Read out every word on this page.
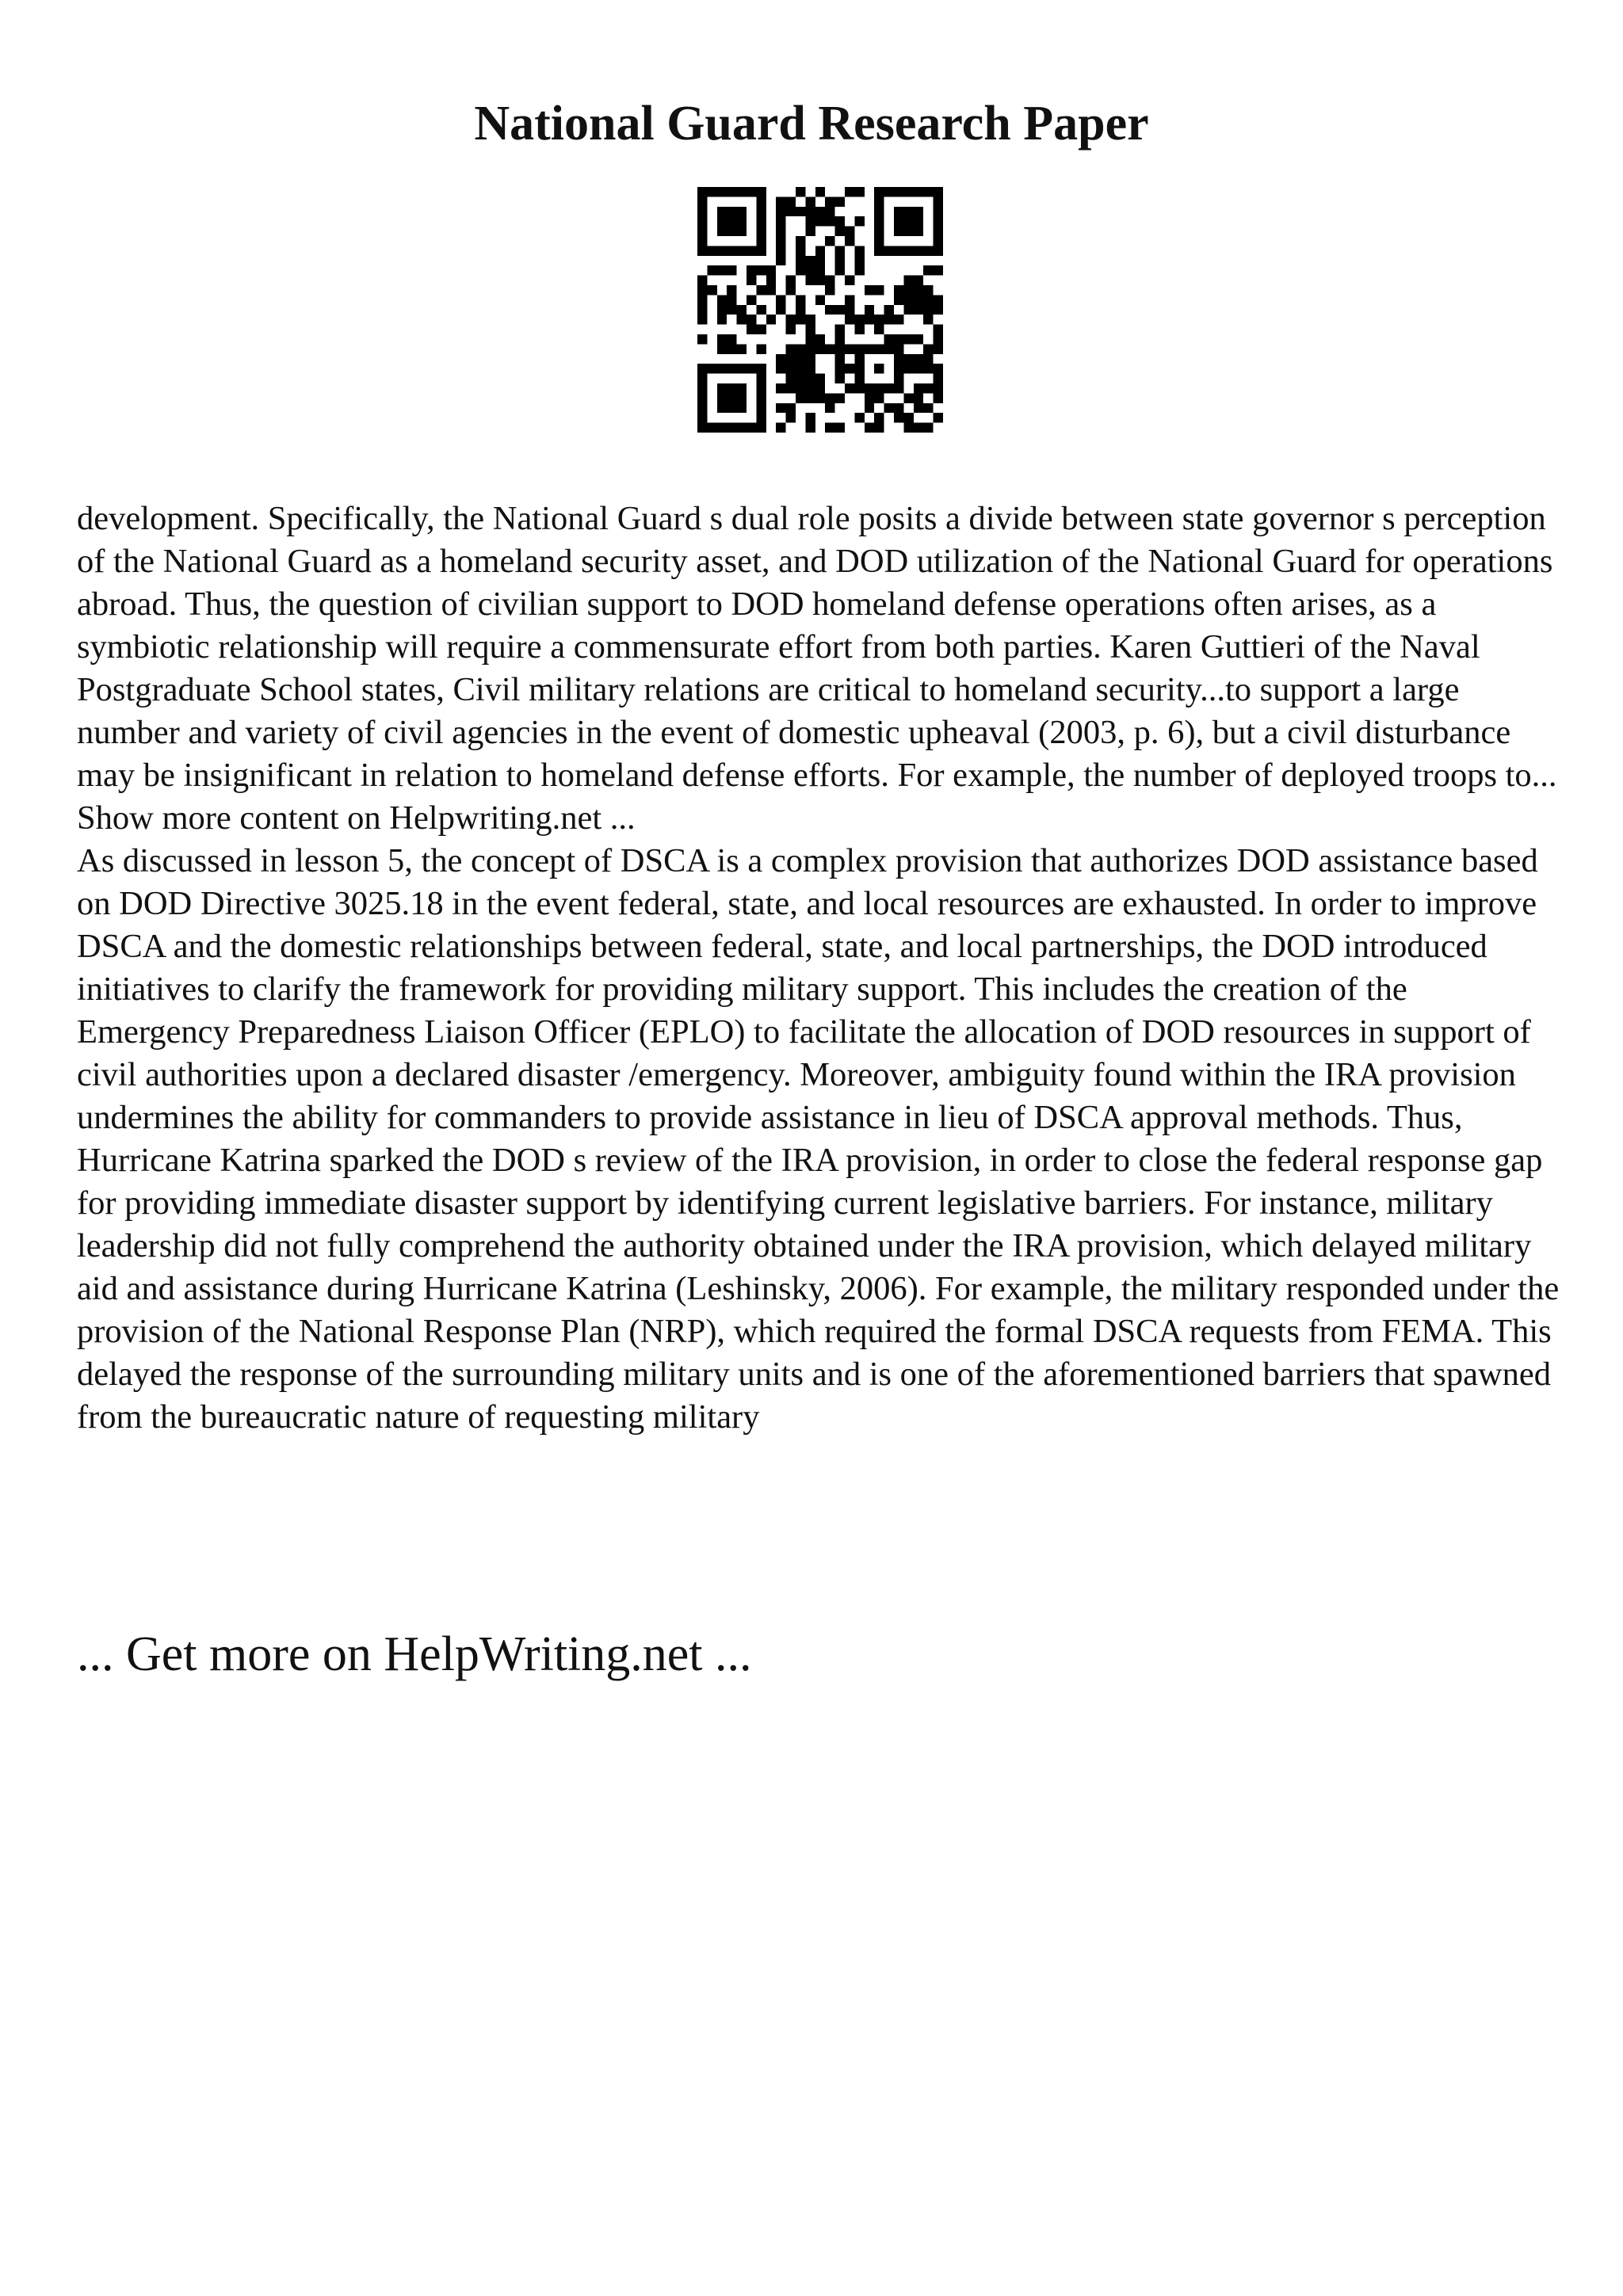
National Guard Research Paper

development. Specifically, the National Guard s dual role posits a divide between state governor s perception of the National Guard as a homeland security asset, and DOD utilization of the National Guard for operations abroad. Thus, the question of civilian support to DOD homeland defense operations often arises, as a symbiotic relationship will require a commensurate effort from both parties. Karen Guttieri of the Naval Postgraduate School states, Civil military relations are critical to homeland security...to support a large number and variety of civil agencies in the event of domestic upheaval (2003, p. 6), but a civil disturbance may be insignificant in relation to homeland defense efforts. For example, the number of deployed troops to... Show more content on Helpwriting.net ...

As discussed in lesson 5, the concept of DSCA is a complex provision that authorizes DOD assistance based on DOD Directive 3025.18 in the event federal, state, and local resources are exhausted. In order to improve DSCA and the domestic relationships between federal, state, and local partnerships, the DOD introduced initiatives to clarify the framework for providing military support. This includes the creation of the Emergency Preparedness Liaison Officer (EPLO) to facilitate the allocation of DOD resources in support of civil authorities upon a declared disaster /emergency. Moreover, ambiguity found within the IRA provision undermines the ability for commanders to provide assistance in lieu of DSCA approval methods. Thus, Hurricane Katrina sparked the DOD s review of the IRA provision, in order to close the federal response gap for providing immediate disaster support by identifying current legislative barriers. For instance, military leadership did not fully comprehend the authority obtained under the IRA provision, which delayed military aid and assistance during Hurricane Katrina (Leshinsky, 2006). For example, the military responded under the provision of the National Response Plan (NRP), which required the formal DSCA requests from FEMA. This delayed the response of the surrounding military units and is one of the aforementioned barriers that spawned from the bureaucratic nature of requesting military

... Get more on HelpWriting.net ...
